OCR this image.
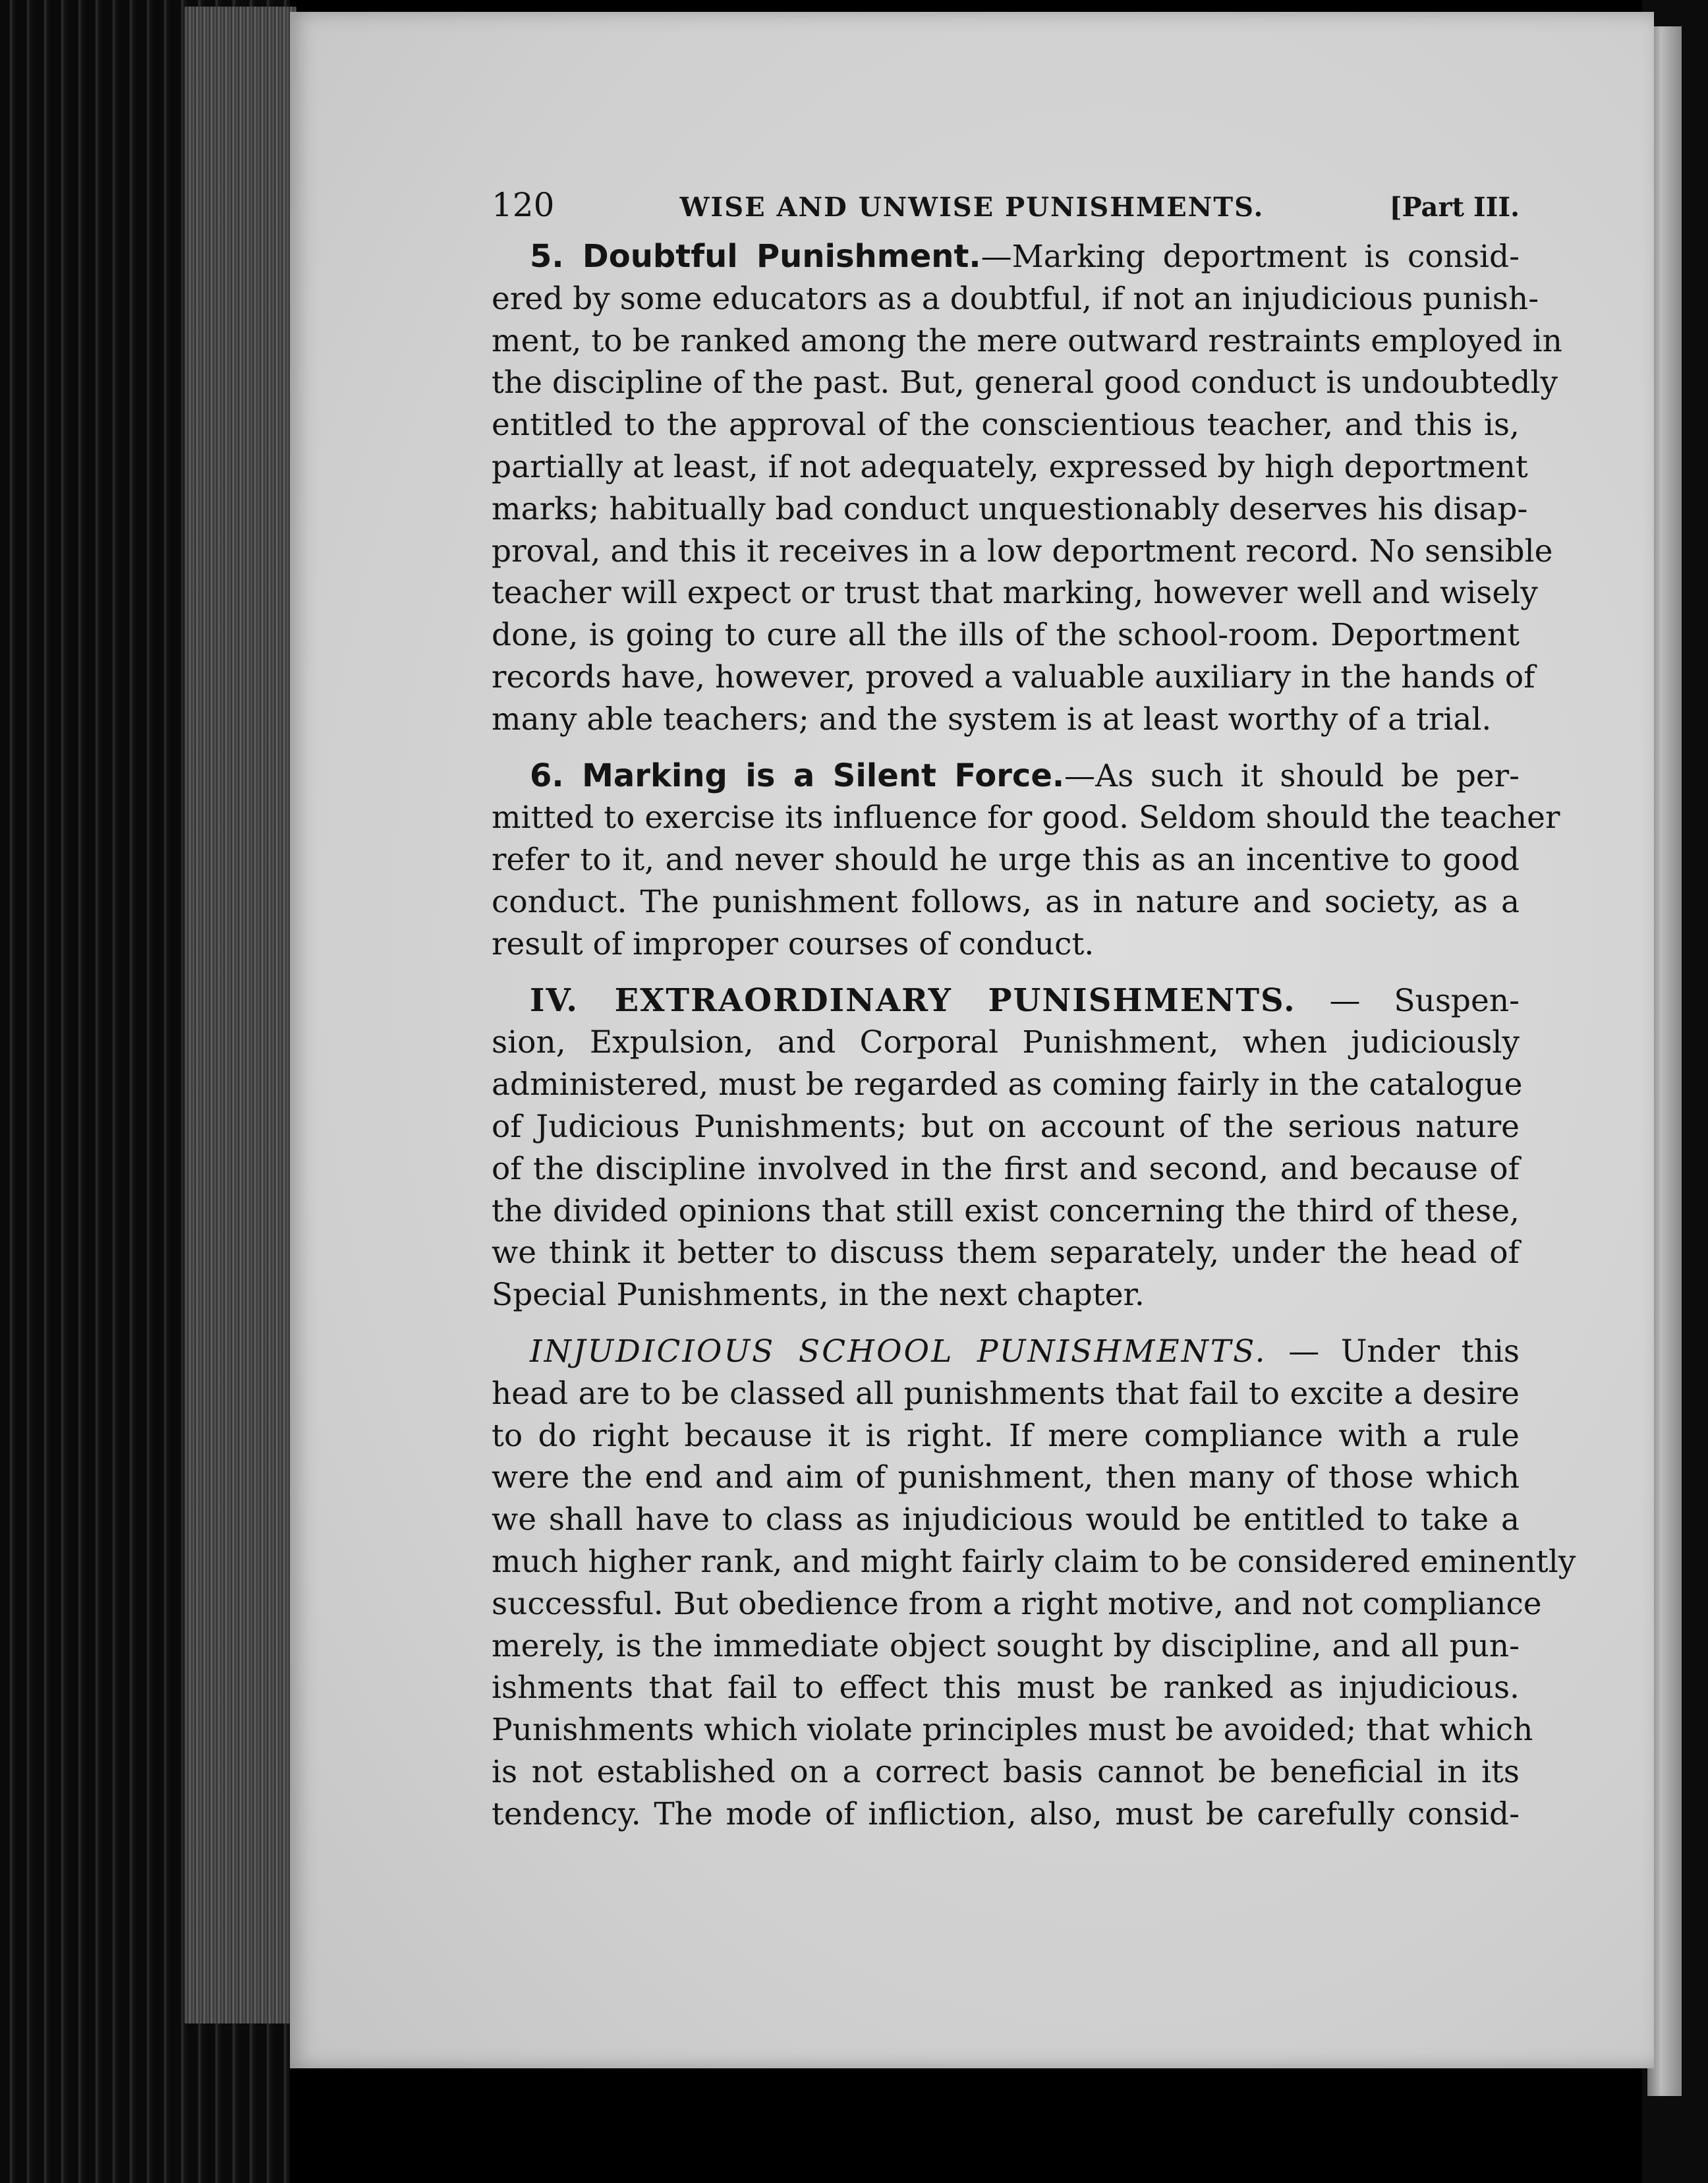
120	WISE AND UNWISE PUNISHMENTS.	[Part III.
5. Doubtful Punishment.—Marking deportment is consid-
ered by some educators as a doubtful, if not an injudicious punish-
ment, to be ranked among the mere outward restraints employed in
the discipline of the past. But, general good conduct is undoubtedly
entitled to the approval of the conscientious teacher, and this is,
partially at least, if not adequately, expressed by high deportment
marks; habitually bad conduct unquestionably deserves his disap-
proval, and this it receives in a low deportment record. No sensible
teacher will expect or trust that marking, however well and wisely
done, is going to cure all the ills of the school-room. Deportment
records have, however, proved a valuable auxiliary in the hands of
many able teachers; and the system is at least worthy of a trial.
6. Marking is a Silent Force.—As such it should be per-
mitted to exercise its influence for good. Seldom should the teacher
refer to it, and never should he urge this as an incentive to good
conduct. The punishment follows, as in nature and society, as a
result of improper courses of conduct.
IV. EXTRAORDINARY PUNISHMENTS. — Suspen-
sion, Expulsion, and Corporal Punishment, when judiciously
administered, must be regarded as coming fairly in the catalogue
of Judicious Punishments; but on account of the serious nature
of the discipline involved in the first and second, and because of
the divided opinions that still exist concerning the third of these,
we think it better to discuss them separately, under the head of
Special Punishments, in the next chapter.
INJUDICIOUS SCHOOL PUNISHMENTS. — Under this
head are to be classed all punishments that fail to excite a desire
to do right because it is right. If mere compliance with a rule
were the end and aim of punishment, then many of those which
we shall have to class as injudicious would be entitled to take a
much higher rank, and might fairly claim to be considered eminently
successful. But obedience from a right motive, and not compliance
merely, is the immediate object sought by discipline, and all pun-
ishments that fail to effect this must be ranked as injudicious.
Punishments which violate principles must be avoided; that which
is not established on a correct basis cannot be beneficial in its
tendency. The mode of infliction, also, must be carefully consid-
